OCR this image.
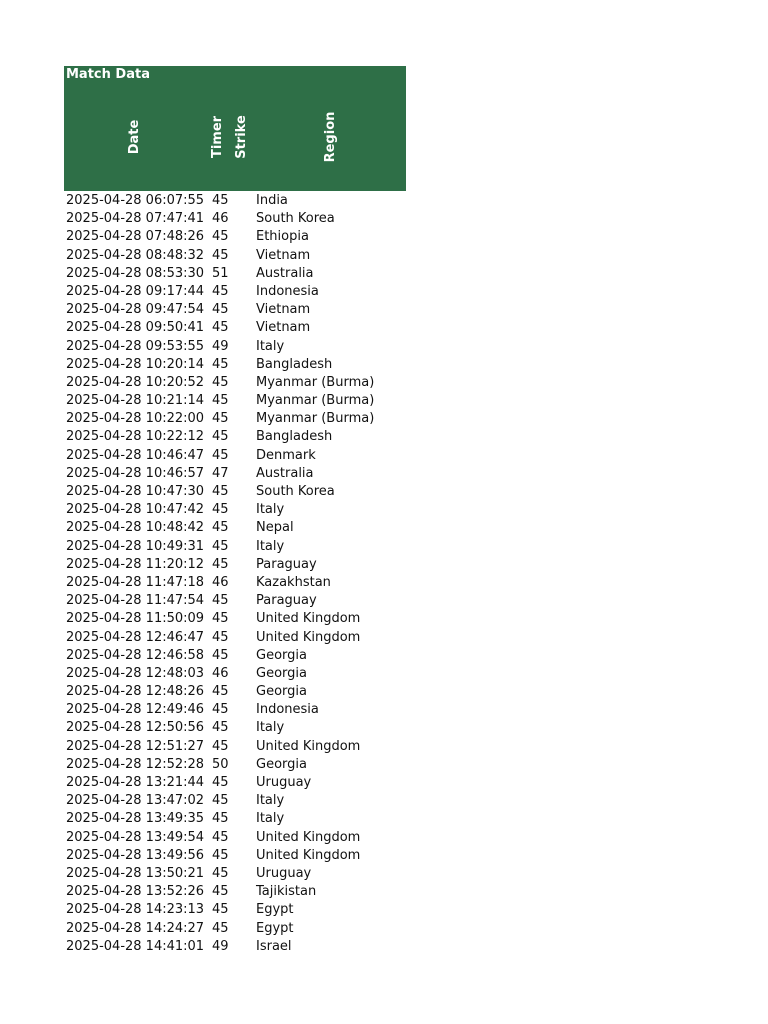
Match Data
Date	Timer Strike	Region
2025-04-28 06:07:55 45 India
2025-04-28 07:47:41 46 South Korea
2025-04-28 07:48:26 45 Ethiopia
2025-04-28 08:48:32 45 Vietnam
2025-04-28 08:53:30 51 Australia
2025-04-28 09:17:44 45 Indonesia
2025-04-28 09:47:54 45 Vietnam
2025-04-28 09:50:41 45 Vietnam
2025-04-28 09:53:55 49 Italy
2025-04-28 10:20:14 45 Bangladesh
2025-04-28 10:20:52 45 Myanmar (Burma)
2025-04-28 10:21:14 45 Myanmar (Burma)
2025-04-28 10:22:00 45 Myanmar (Burma)
2025-04-28 10:22:12 45 Bangladesh
2025-04-28 10:46:47 45 Denmark
2025-04-28 10:46:57 47 Australia
2025-04-28 10:47:30 45 South Korea
2025-04-28 10:47:42 45 Italy
2025-04-28 10:48:42 45 Nepal
2025-04-28 10:49:31 45 Italy
2025-04-28 11:20:12 45 Paraguay
2025-04-28 11:47:18 46 Kazakhstan
2025-04-28 11:47:54 45 Paraguay
2025-04-28 11:50:09 45 United Kingdom
2025-04-28 12:46:47 45 United Kingdom
2025-04-28 12:46:58 45 Georgia
2025-04-28 12:48:03 46 Georgia
2025-04-28 12:48:26 45 Georgia
2025-04-28 12:49:46 45 Indonesia
2025-04-28 12:50:56 45 Italy
2025-04-28 12:51:27 45 United Kingdom
2025-04-28 12:52:28 50 Georgia
2025-04-28 13:21:44 45 Uruguay
2025-04-28 13:47:02 45 Italy
2025-04-28 13:49:35 45 Italy
2025-04-28 13:49:54 45 United Kingdom
2025-04-28 13:49:56 45 United Kingdom
2025-04-28 13:50:21 45 Uruguay
2025-04-28 13:52:26 45 Tajikistan
2025-04-28 14:23:13 45 Egypt
2025-04-28 14:24:27 45 Egypt
2025-04-28 14:41:01 49 Israel
